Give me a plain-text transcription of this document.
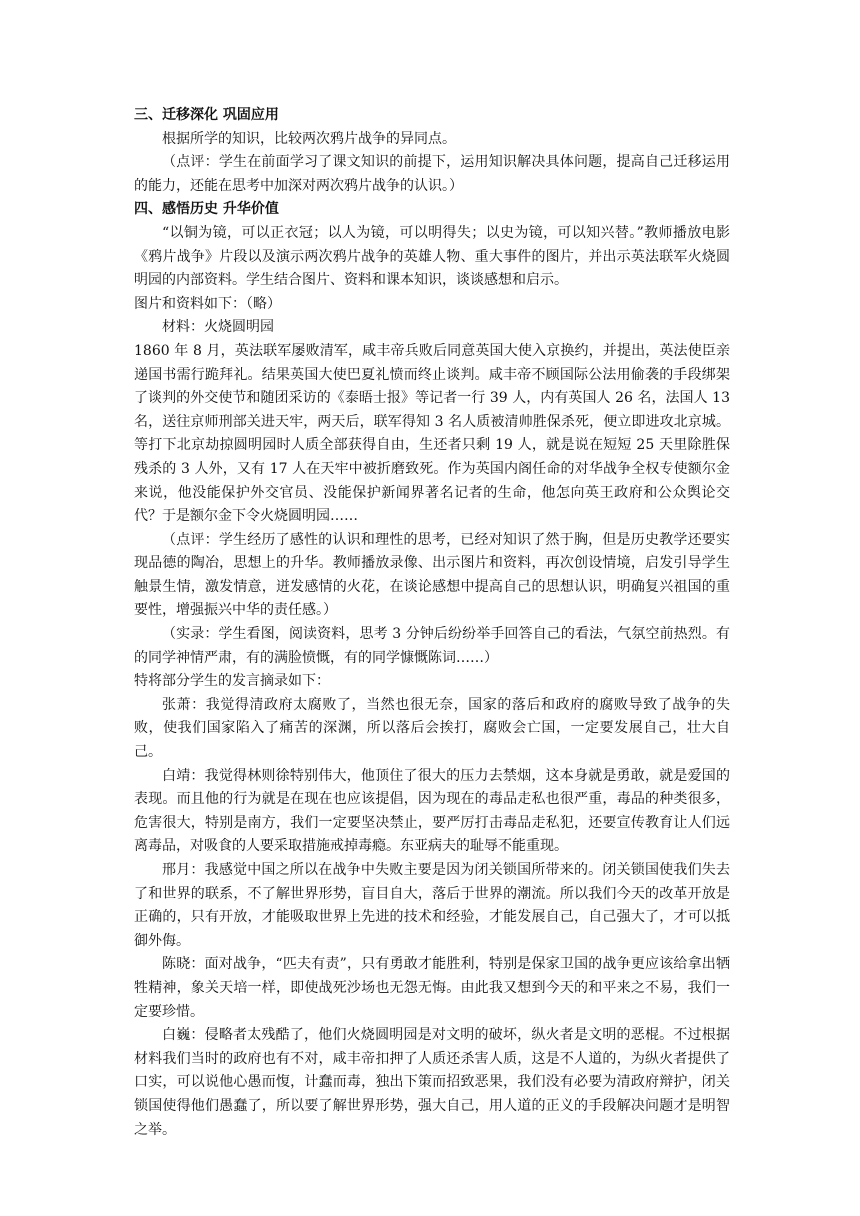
三、迁移深化 巩固应用

根据所学的知识，比较两次鸦片战争的异同点。

（点评：学生在前面学习了课文知识的前提下，运用知识解决具体问题，提高自己迁移运用的能力，还能在思考中加深对两次鸦片战争的认识。）

四、感悟历史 升华价值

“以铜为镜，可以正衣冠；以人为镜，可以明得失；以史为镜，可以知兴替。”教师播放电影《鸦片战争》片段以及演示两次鸦片战争的英雄人物、重大事件的图片，并出示英法联军火烧圆明园的内部资料。学生结合图片、资料和课本知识，谈谈感想和启示。

图片和资料如下：（略）

材料：火烧圆明园

1860 年 8 月，英法联军屡败清军，咸丰帝兵败后同意英国大使入京换约，并提出，英法使臣亲递国书需行跪拜礼。结果英国大使巴夏礼愤而终止谈判。咸丰帝不顾国际公法用偷袭的手段绑架了谈判的外交使节和随团采访的《泰晤士报》等记者一行 39 人，内有英国人 26 名，法国人 13 名，送往京师刑部关进天牢，两天后，联军得知 3 名人质被清帅胜保杀死，便立即进攻北京城。等打下北京劫掠圆明园时人质全部获得自由，生还者只剩 19 人，就是说在短短 25 天里除胜保残杀的 3 人外，又有 17 人在天牢中被折磨致死。作为英国内阁任命的对华战争全权专使额尔金来说，他没能保护外交官员、没能保护新闻界著名记者的生命，他怎向英王政府和公众舆论交代？于是额尔金下令火烧圆明园……

（点评：学生经历了感性的认识和理性的思考，已经对知识了然于胸，但是历史教学还要实现品德的陶冶，思想上的升华。教师播放录像、出示图片和资料，再次创设情境，启发引导学生触景生情，激发情意，迸发感情的火花，在谈论感想中提高自己的思想认识，明确复兴祖国的重要性，增强振兴中华的责任感。）

（实录：学生看图，阅读资料，思考 3 分钟后纷纷举手回答自己的看法，气氛空前热烈。有的同学神情严肃，有的满脸愤慨，有的同学慷慨陈词……）

特将部分学生的发言摘录如下：

张萧：我觉得清政府太腐败了，当然也很无奈，国家的落后和政府的腐败导致了战争的失败，使我们国家陷入了痛苦的深渊，所以落后会挨打，腐败会亡国，一定要发展自己，壮大自己。

白靖：我觉得林则徐特别伟大，他顶住了很大的压力去禁烟，这本身就是勇敢，就是爱国的表现。而且他的行为就是在现在也应该提倡，因为现在的毒品走私也很严重，毒品的种类很多，危害很大，特别是南方，我们一定要坚决禁止，要严厉打击毒品走私犯，还要宣传教育让人们远离毒品，对吸食的人要采取措施戒掉毒瘾。东亚病夫的耻辱不能重现。

邢月：我感觉中国之所以在战争中失败主要是因为闭关锁国所带来的。闭关锁国使我们失去了和世界的联系，不了解世界形势，盲目自大，落后于世界的潮流。所以我们今天的改革开放是正确的，只有开放，才能吸取世界上先进的技术和经验，才能发展自己，自己强大了，才可以抵御外侮。

陈晓：面对战争，“匹夫有责”，只有勇敢才能胜利，特别是保家卫国的战争更应该给拿出牺牲精神，象关天培一样，即使战死沙场也无怨无悔。由此我又想到今天的和平来之不易，我们一定要珍惜。

白巍：侵略者太残酷了，他们火烧圆明园是对文明的破坏，纵火者是文明的恶棍。不过根据材料我们当时的政府也有不对，咸丰帝扣押了人质还杀害人质，这是不人道的，为纵火者提供了口实，可以说他心愚而愎，计蠢而毒，独出下策而招致恶果，我们没有必要为清政府辩护，闭关锁国使得他们愚蠢了，所以要了解世界形势，强大自己，用人道的正义的手段解决问题才是明智之举。
